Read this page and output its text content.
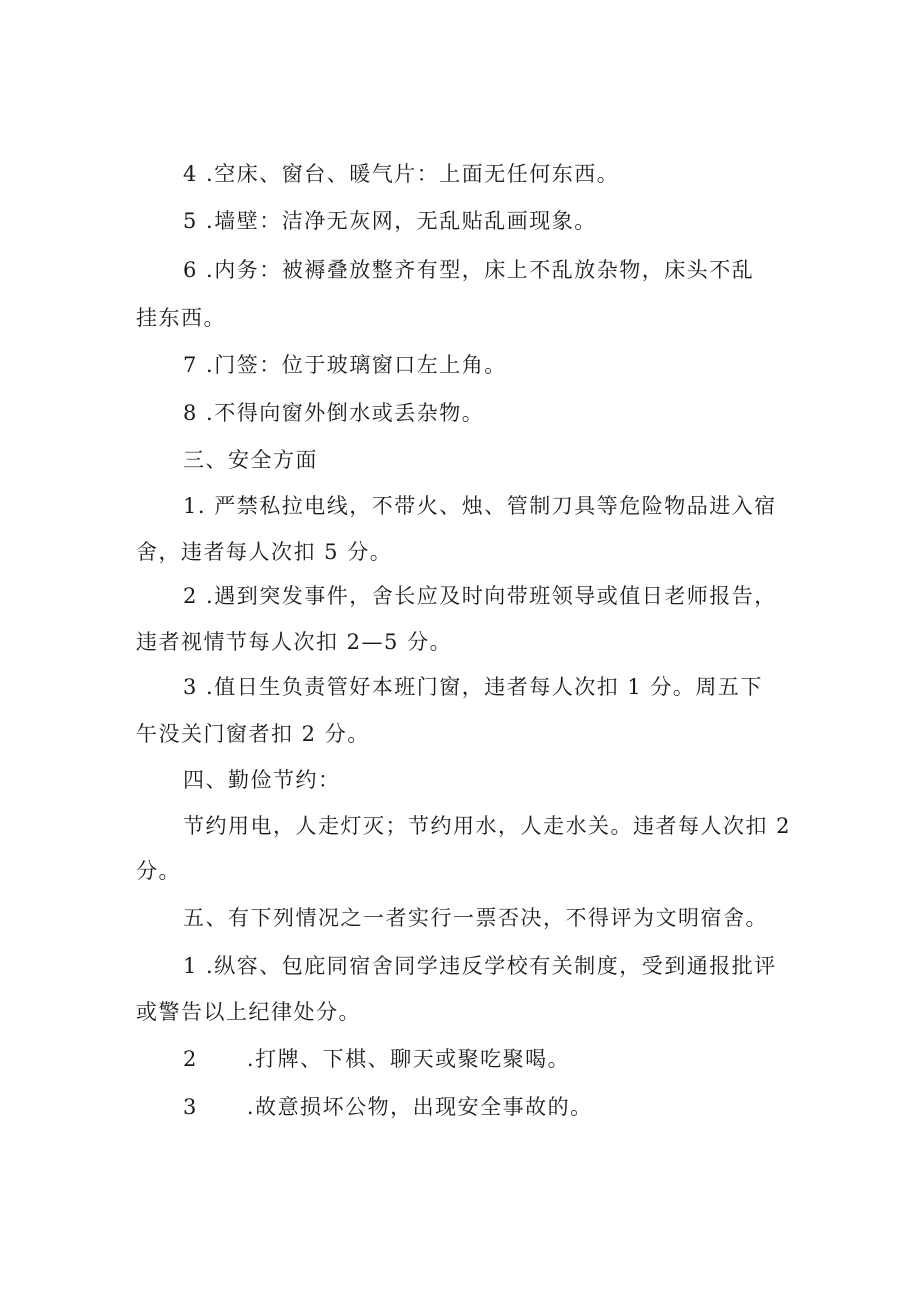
4 .空床、窗台、暖气片：上面无任何东西。
5 .墙壁：洁净无灰网，无乱贴乱画现象。
6 .内务：被褥叠放整齐有型，床上不乱放杂物，床头不乱
挂东西。
7 .门签：位于玻璃窗口左上角。
8 .不得向窗外倒水或丢杂物。
三、安全方面
1. 严禁私拉电线，不带火、烛、管制刀具等危险物品进入宿
舍，违者每人次扣 5 分。
2 .遇到突发事件，舍长应及时向带班领导或值日老师报告，
违者视情节每人次扣 2—5 分。
3 .值日生负责管好本班门窗，违者每人次扣 1 分。周五下
午没关门窗者扣 2 分。
四、勤俭节约：
节约用电，人走灯灭；节约用水，人走水关。违者每人次扣 2
分。
五、有下列情况之一者实行一票否决，不得评为文明宿舍。
1 .纵容、包庇同宿舍同学违反学校有关制度，受到通报批评
或警告以上纪律处分。
2      .打牌、下棋、聊天或聚吃聚喝。
3      .故意损坏公物，出现安全事故的。
